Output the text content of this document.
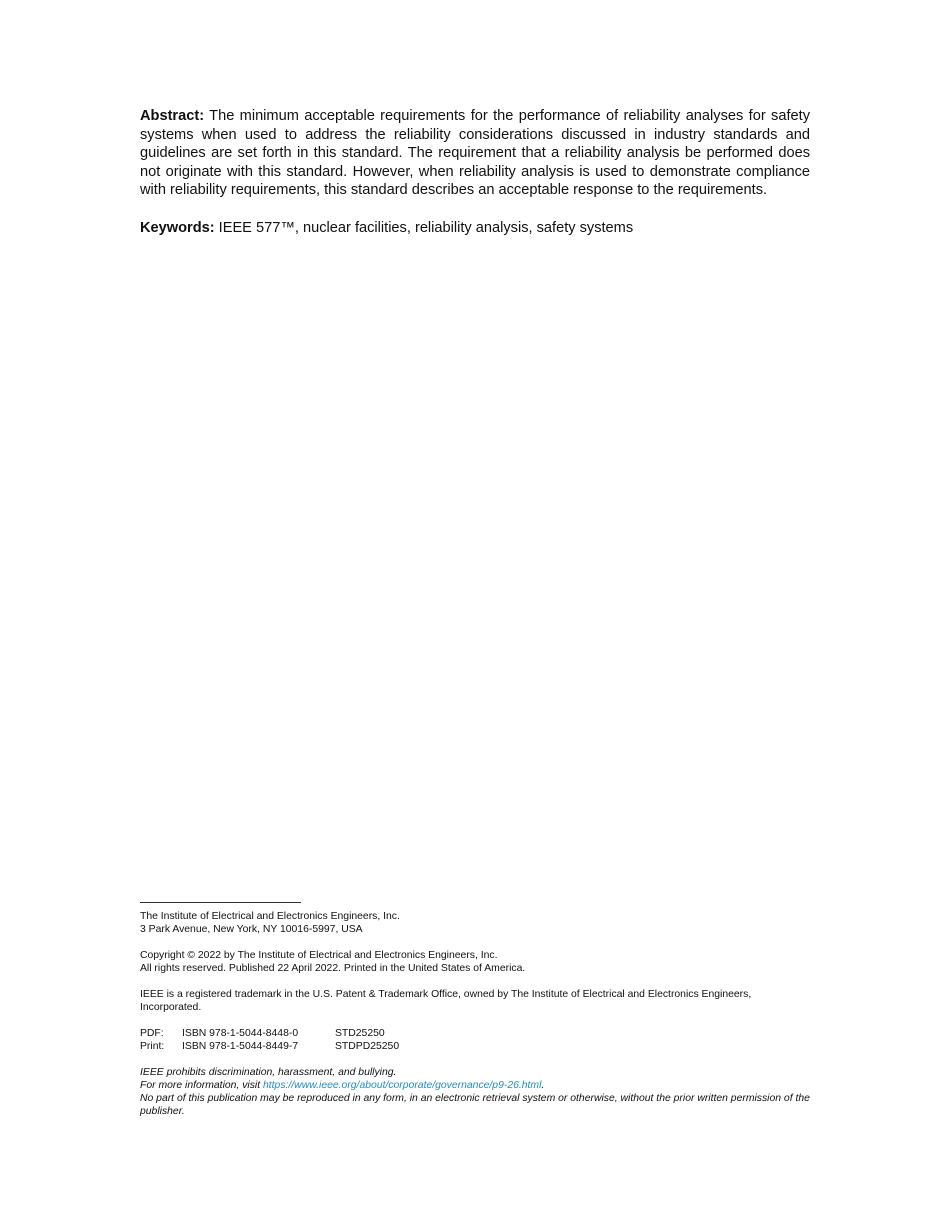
Abstract: The minimum acceptable requirements for the performance of reliability analyses for safety systems when used to address the reliability considerations discussed in industry standards and guidelines are set forth in this standard. The requirement that a reliability analysis be performed does not originate with this standard. However, when reliability analysis is used to demonstrate compliance with reliability requirements, this standard describes an acceptable response to the requirements.

Keywords: IEEE 577™, nuclear facilities, reliability analysis, safety systems

The Institute of Electrical and Electronics Engineers, Inc.

3 Park Avenue, New York, NY 10016-5997, USA

Copyright © 2022 by The Institute of Electrical and Electronics Engineers, Inc.

All rights reserved. Published 22 April 2022. Printed in the United States of America.

IEEE is a registered trademark in the U.S. Patent & Trademark Office, owned by The Institute of Electrical and Electronics Engineers, Incorporated.

PDF:	ISBN 978-1-5044-8448-0	STD25250
Print:	ISBN 978-1-5044-8449-7	STDPD25250

IEEE prohibits discrimination, harassment, and bullying.

For more information, visit https://www.ieee.org/about/corporate/governance/p9-26.html.

No part of this publication may be reproduced in any form, in an electronic retrieval system or otherwise, without the prior written permission of the publisher.
